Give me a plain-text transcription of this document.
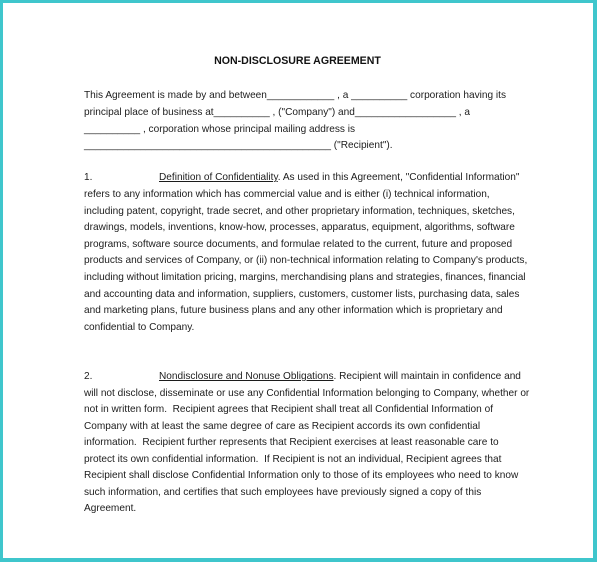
NON-DISCLOSURE AGREEMENT
This Agreement is made by and between____________ , a __________ corporation having its
principal place of business at__________ , ("Company") and__________________ , a
__________ , corporation whose principal mailing address is
____________________________________________ ("Recipient").
1.	Definition of Confidentiality. As used in this Agreement, "Confidential Information"
refers to any information which has commercial value and is either (i) technical information,
including patent, copyright, trade secret, and other proprietary information, techniques, sketches,
drawings, models, inventions, know-how, processes, apparatus, equipment, algorithms, software
programs, software source documents, and formulae related to the current, future and proposed
products and services of Company, or (ii) non-technical information relating to Company's products,
including without limitation pricing, margins, merchandising plans and strategies, finances, financial
and accounting data and information, suppliers, customers, customer lists, purchasing data, sales
and marketing plans, future business plans and any other information which is proprietary and
confidential to Company.
2.	Nondisclosure and Nonuse Obligations. Recipient will maintain in confidence and
will not disclose, disseminate or use any Confidential Information belonging to Company, whether or
not in written form.  Recipient agrees that Recipient shall treat all Confidential Information of
Company with at least the same degree of care as Recipient accords its own confidential
information.  Recipient further represents that Recipient exercises at least reasonable care to
protect its own confidential information.  If Recipient is not an individual, Recipient agrees that
Recipient shall disclose Confidential Information only to those of its employees who need to know
such information, and certifies that such employees have previously signed a copy of this
Agreement.
